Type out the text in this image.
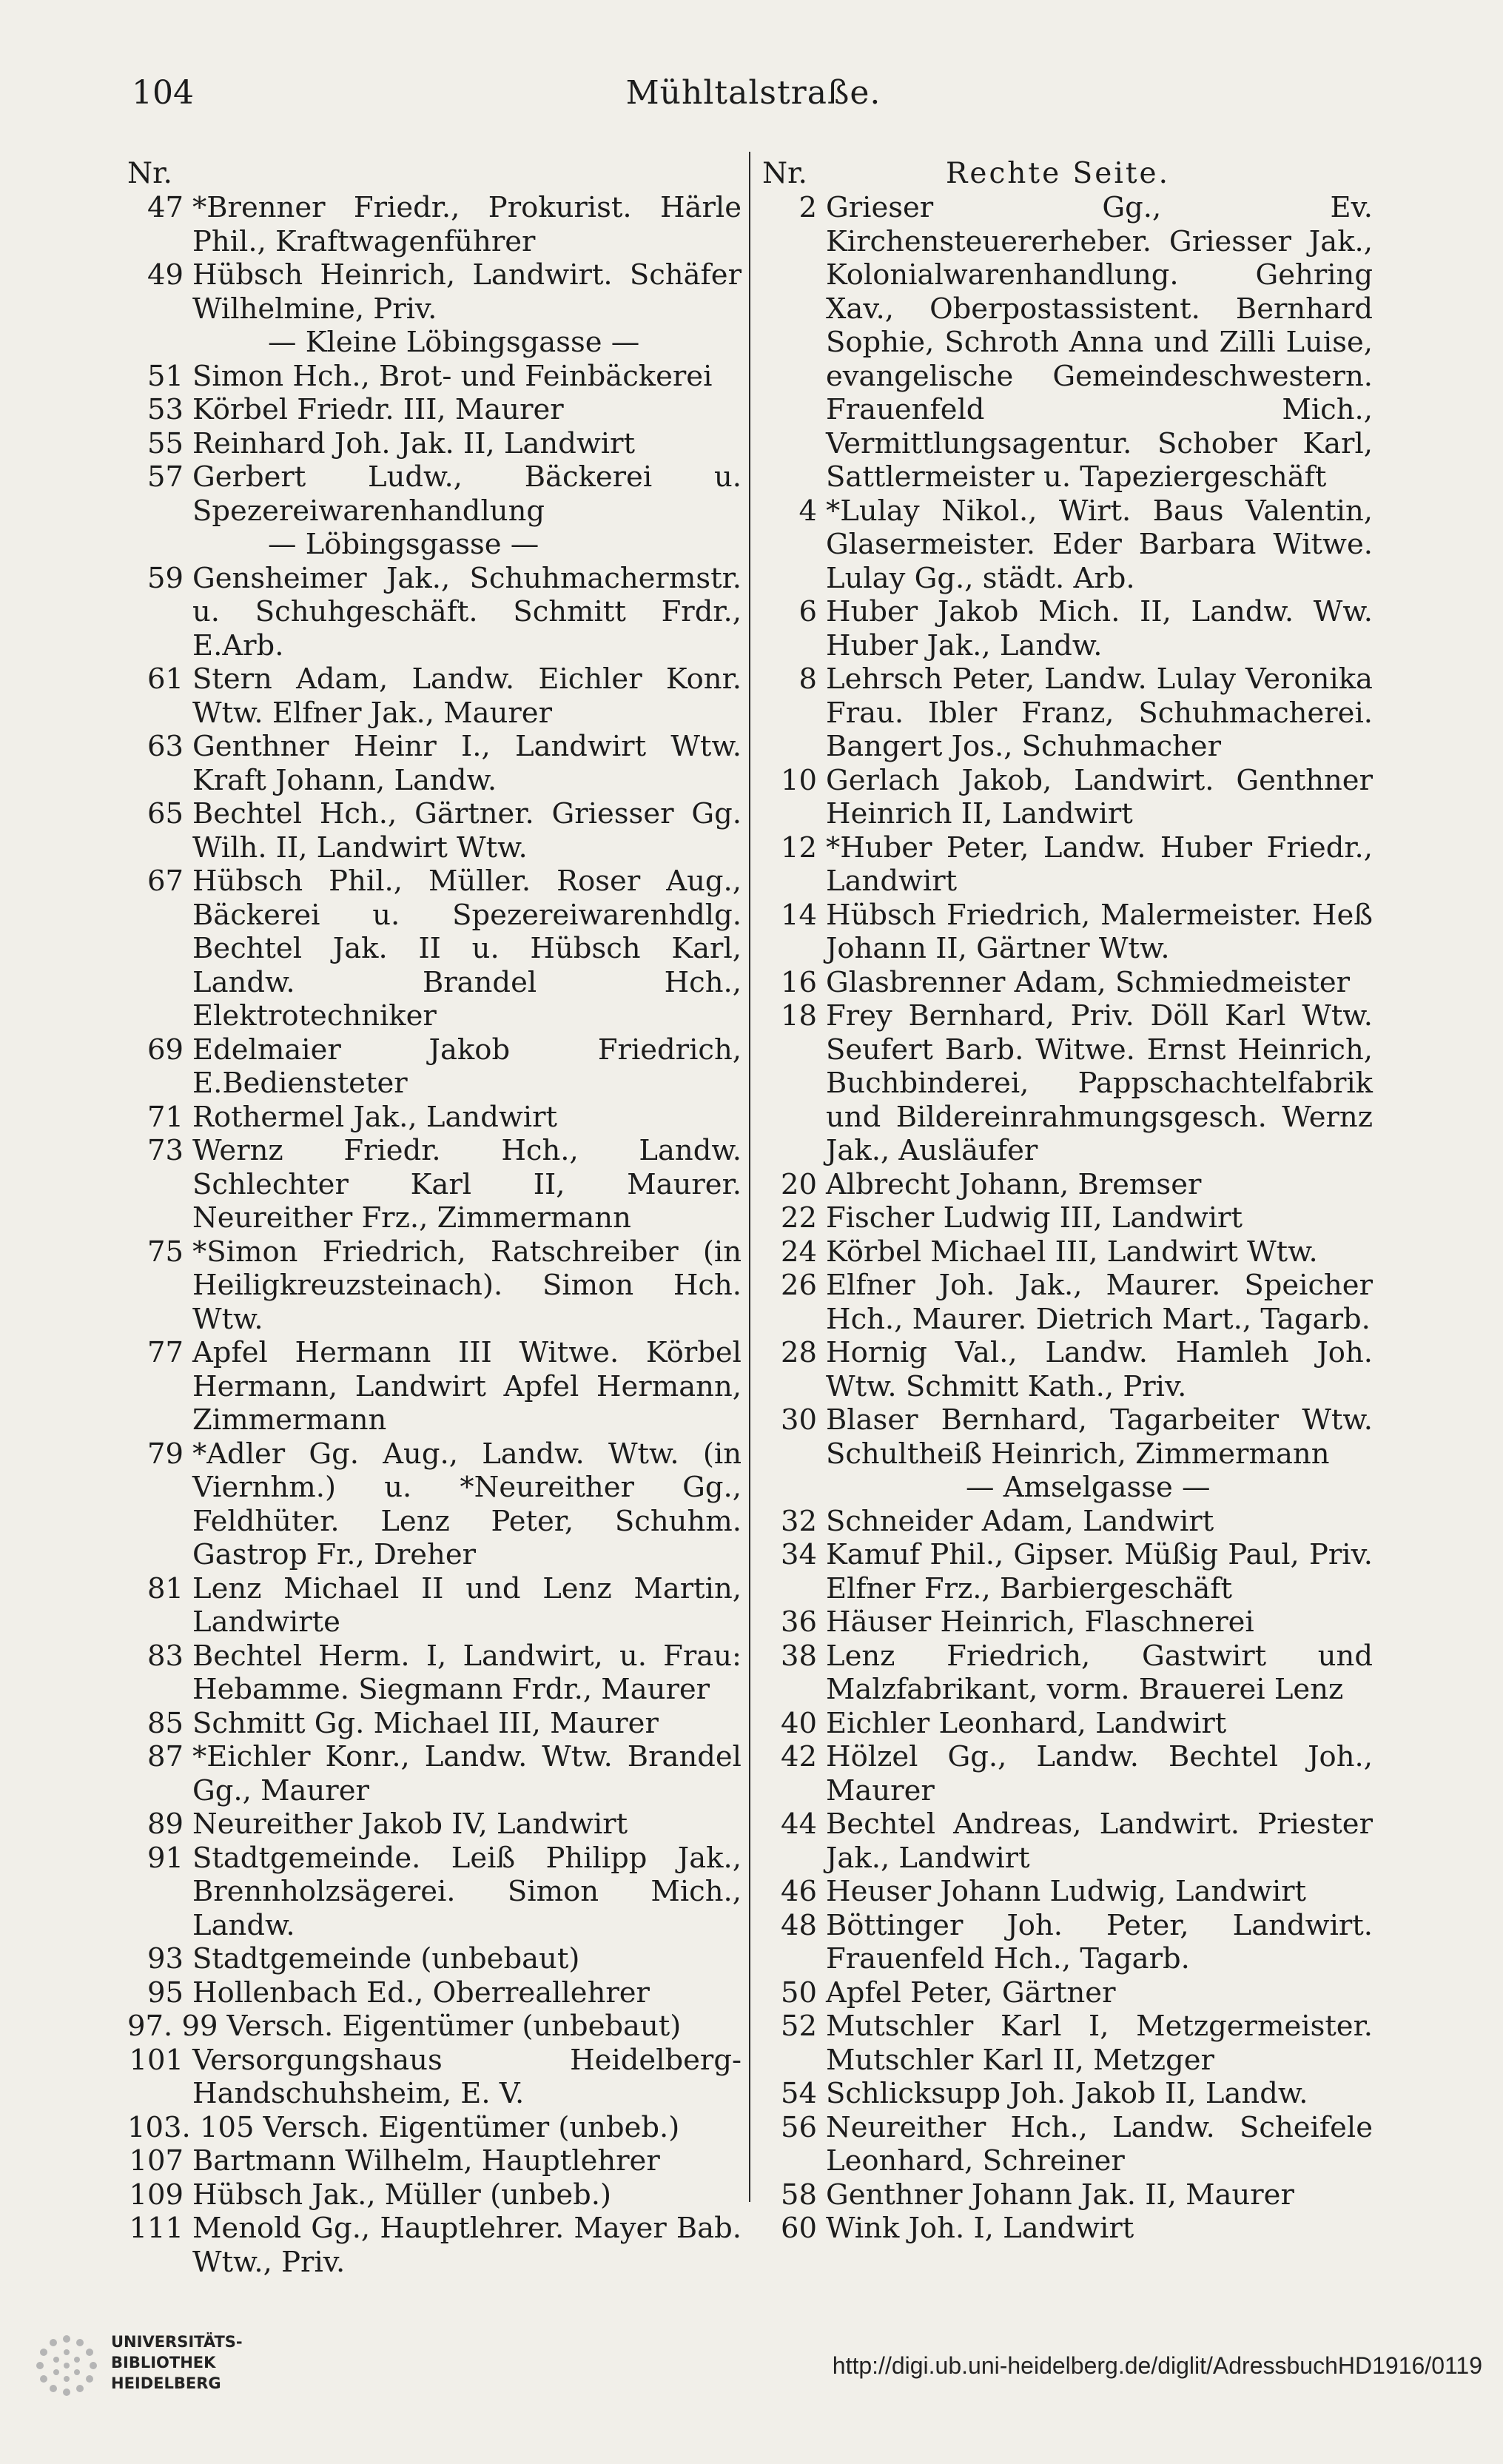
104	Mühltalstraße.
Nr.
47 *Brenner Friedr., Prokurist. Härle Phil., Kraftwagenführer
49 Hübsch Heinrich, Landwirt. Schäfer Wilhelmine, Priv.
— Kleine Löbingsgasse —
51 Simon Hch., Brot- und Feinbäckerei
53 Körbel Friedr. III, Maurer
55 Reinhard Joh. Jak. II, Landwirt
57 Gerbert Ludw., Bäckerei u. Spezereiwarenhandlung
— Löbingsgasse —
59 Gensheimer Jak., Schuhmachermstr. u. Schuhgeschäft. Schmitt Frdr., E.Arb.
61 Stern Adam, Landw. Eichler Konr. Wtw. Elfner Jak., Maurer
63 Genthner Heinr I., Landwirt Wtw. Kraft Johann, Landw.
65 Bechtel Hch., Gärtner. Griesser Gg. Wilh. II, Landwirt Wtw.
67 Hübsch Phil., Müller. Roser Aug., Bäckerei u. Spezereiwarenhdlg. Bechtel Jak. II u. Hübsch Karl, Landw. Brandel Hch., Elektrotechniker
69 Edelmaier Jakob Friedrich, E.Bediensteter
71 Rothermel Jak., Landwirt
73 Wernz Friedr. Hch., Landw. Schlechter Karl II, Maurer. Neureither Frz., Zimmermann
75 *Simon Friedrich, Ratschreiber (in Heiligkreuzsteinach). Simon Hch. Wtw.
77 Apfel Hermann III Witwe. Körbel Hermann, Landwirt Apfel Hermann, Zimmermann
79 *Adler Gg. Aug., Landw. Wtw. (in Viernhm.) u. *Neureither Gg., Feldhüter. Lenz Peter, Schuhm. Gastrop Fr., Dreher
81 Lenz Michael II und Lenz Martin, Landwirte
83 Bechtel Herm. I, Landwirt, u. Frau: Hebamme. Siegmann Frdr., Maurer
85 Schmitt Gg. Michael III, Maurer
87 *Eichler Konr., Landw. Wtw. Brandel Gg., Maurer
89 Neureither Jakob IV, Landwirt
91 Stadtgemeinde. Leiß Philipp Jak., Brennholzsägerei. Simon Mich., Landw.
93 Stadtgemeinde (unbebaut)
95 Hollenbach Ed., Oberreallehrer
97. 99 Versch. Eigentümer (unbebaut)
101 Versorgungshaus Heidelberg-Handschuhsheim, E. V.
103. 105 Versch. Eigentümer (unbeb.)
107 Bartmann Wilhelm, Hauptlehrer
109 Hübsch Jak., Müller (unbeb.)
111 Menold Gg., Hauptlehrer. Mayer Bab. Wtw., Priv.
Nr.	Rechte Seite.
2 Grieser Gg., Ev. Kirchensteuererheber. Griesser Jak., Kolonialwarenhandlung. Gehring Xav., Oberpostassistent. Bernhard Sophie, Schroth Anna und Zilli Luise, evangelische Gemeindeschwestern. Frauenfeld Mich., Vermittlungsagentur. Schober Karl, Sattlermeister u. Tapeziergeschäft
4 *Lulay Nikol., Wirt. Baus Valentin, Glasermeister. Eder Barbara Witwe. Lulay Gg., städt. Arb.
6 Huber Jakob Mich. II, Landw. Ww. Huber Jak., Landw.
8 Lehrsch Peter, Landw. Lulay Veronika Frau. Ibler Franz, Schuhmacherei. Bangert Jos., Schuhmacher
10 Gerlach Jakob, Landwirt. Genthner Heinrich II, Landwirt
12 *Huber Peter, Landw. Huber Friedr., Landwirt
14 Hübsch Friedrich, Malermeister. Heß Johann II, Gärtner Wtw.
16 Glasbrenner Adam, Schmiedmeister
18 Frey Bernhard, Priv. Döll Karl Wtw. Seufert Barb. Witwe. Ernst Heinrich, Buchbinderei, Pappschachtelfabrik und Bildereinrahmungsgesch. Wernz Jak., Ausläufer
20 Albrecht Johann, Bremser
22 Fischer Ludwig III, Landwirt
24 Körbel Michael III, Landwirt Wtw.
26 Elfner Joh. Jak., Maurer. Speicher Hch., Maurer. Dietrich Mart., Tagarb.
28 Hornig Val., Landw. Hamleh Joh. Wtw. Schmitt Kath., Priv.
30 Blaser Bernhard, Tagarbeiter Wtw. Schultheiß Heinrich, Zimmermann
— Amselgasse —
32 Schneider Adam, Landwirt
34 Kamuf Phil., Gipser. Müßig Paul, Priv. Elfner Frz., Barbiergeschäft
36 Häuser Heinrich, Flaschnerei
38 Lenz Friedrich, Gastwirt und Malzfabrikant, vorm. Brauerei Lenz
40 Eichler Leonhard, Landwirt
42 Hölzel Gg., Landw. Bechtel Joh., Maurer
44 Bechtel Andreas, Landwirt. Priester Jak., Landwirt
46 Heuser Johann Ludwig, Landwirt
48 Böttinger Joh. Peter, Landwirt. Frauenfeld Hch., Tagarb.
50 Apfel Peter, Gärtner
52 Mutschler Karl I, Metzgermeister. Mutschler Karl II, Metzger
54 Schlicksupp Joh. Jakob II, Landw.
56 Neureither Hch., Landw. Scheifele Leonhard, Schreiner
58 Genthner Johann Jak. II, Maurer
60 Wink Joh. I, Landwirt
UNIVERSITÄTS-
BIBLIOTHEK
HEIDELBERG
http://digi.ub.uni-heidelberg.de/diglit/AdressbuchHD1916/0119
